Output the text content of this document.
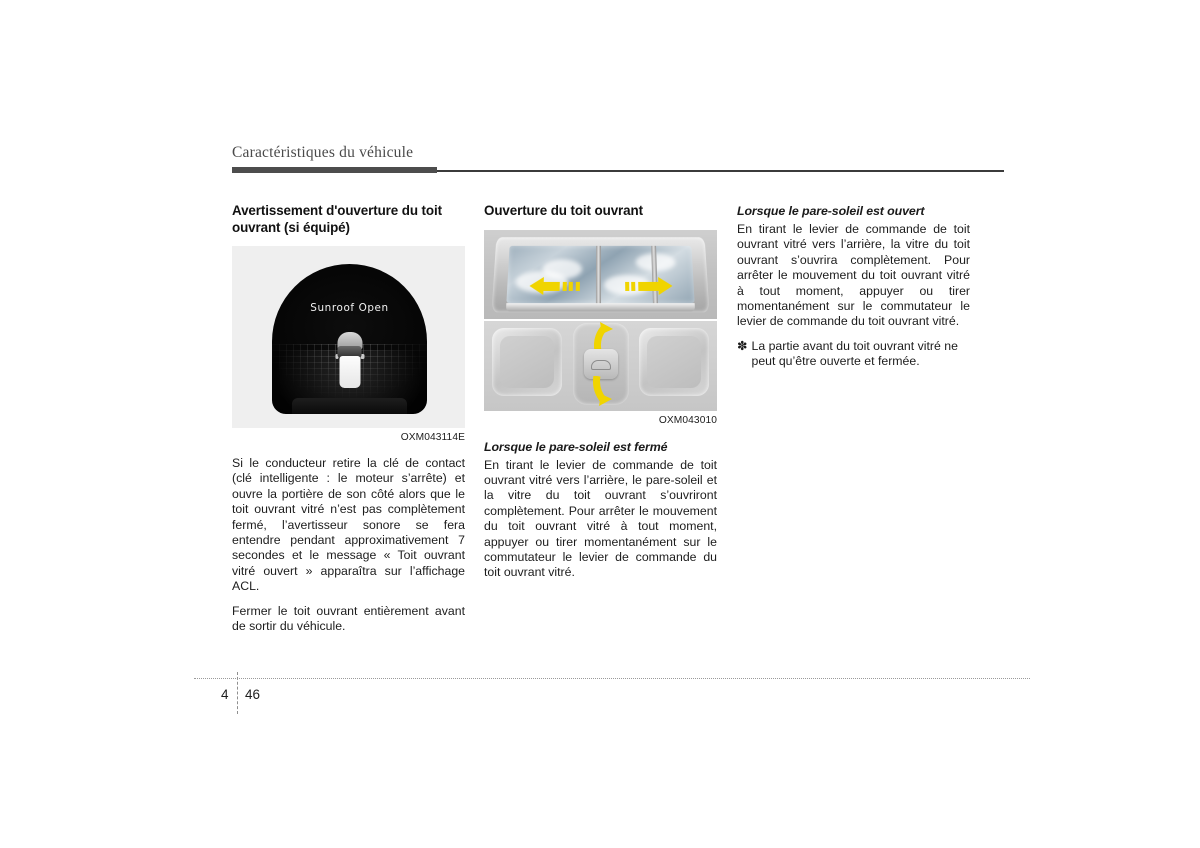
Caractéristiques du véhicule
Avertissement d'ouverture du toit ouvrant (si équipé)
Sunroof Open
OXM043114E

Si le conducteur retire la clé de contact (clé intelligente : le moteur s’arrête) et ouvre la portière de son côté alors que le toit ouvrant vitré n’est pas complètement fermé, l’avertisseur sonore se fera entendre pendant approximativement 7 secondes et le message « Toit ouvrant vitré ouvert » apparaîtra sur l’affichage ACL.

Fermer le toit ouvrant entièrement avant de sortir du véhicule.

Ouverture du toit ouvrant
OXM043010
Lorsque le pare-soleil est fermé

En tirant le levier de commande de toit ouvrant vitré vers l’arrière, le pare-soleil et la vitre du toit ouvrant s’ouvriront complètement. Pour arrêter le mouvement du toit ouvrant vitré à tout moment, appuyer ou tirer momentanément sur le commutateur le levier de commande du toit ouvrant vitré.

Lorsque le pare-soleil est ouvert

En tirant le levier de commande de toit ouvrant vitré vers l’arrière, la vitre du toit ouvrant s’ouvrira complètement. Pour arrêter le mouvement du toit ouvrant vitré à tout moment, appuyer ou tirer momentanément sur le commutateur le levier de commande du toit ouvrant vitré.

✽ La partie avant du toit ouvrant vitré ne peut qu’être ouverte et fermée.
4 46
